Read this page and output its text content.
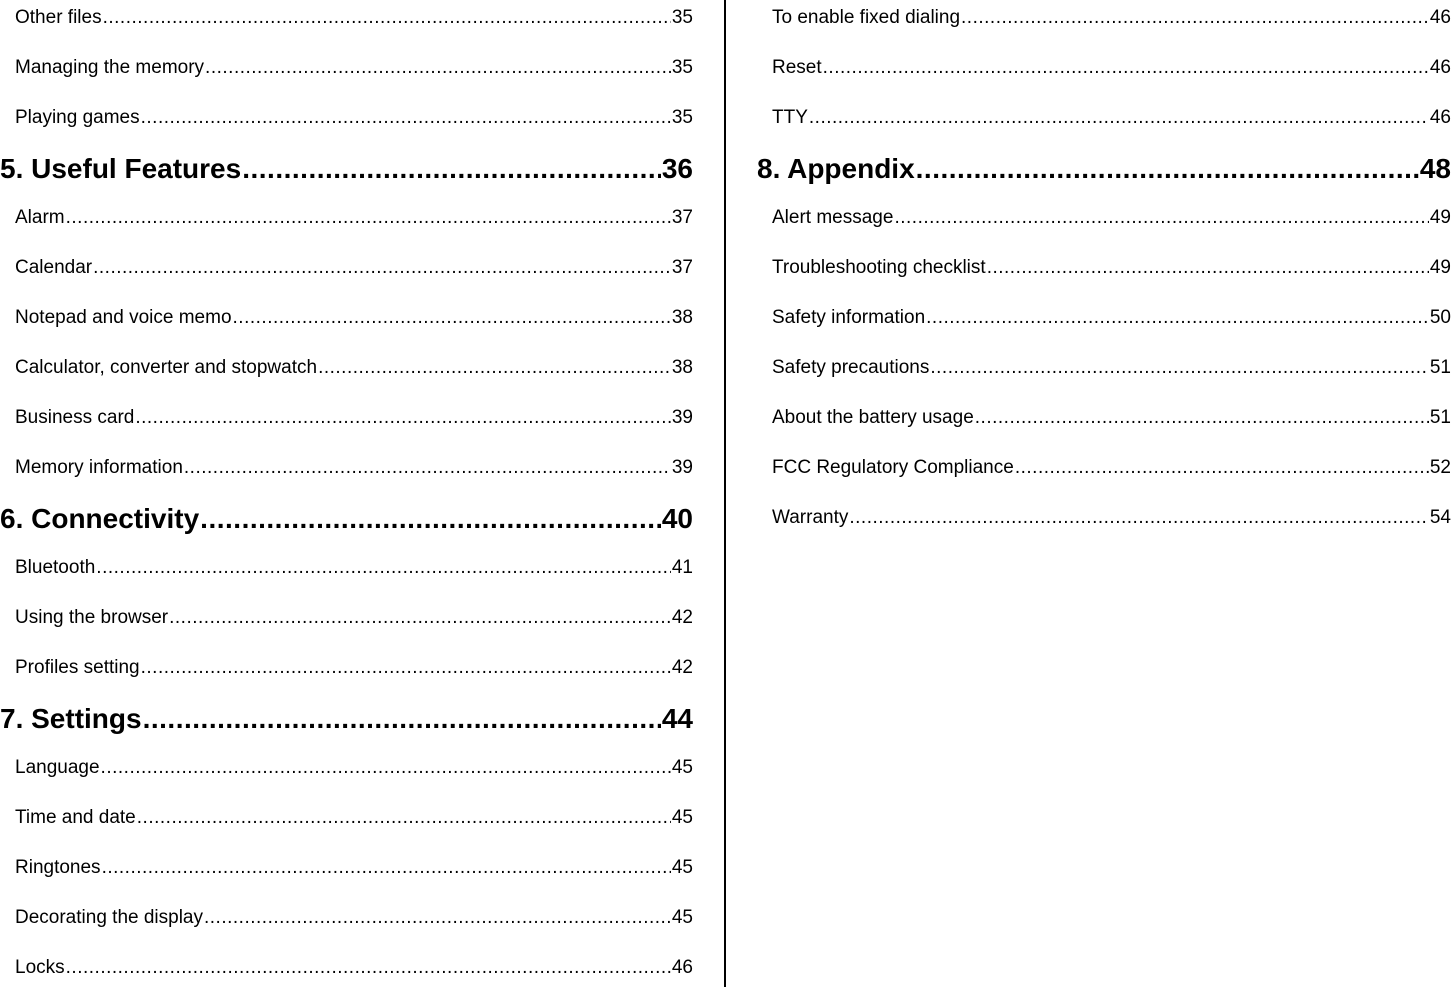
Other files .....	35
Managing the memory .....	35
Playing games .....	35
5. Useful Features .....	36
Alarm .....	37
Calendar .....	37
Notepad and voice memo .....	38
Calculator, converter and stopwatch .....	38
Business card .....	39
Memory information .....	39
6. Connectivity .....	40
Bluetooth .....	41
Using the browser .....	42
Profiles setting .....	42
7. Settings .....	44
Language .....	45
Time and date .....	45
Ringtones .....	45
Decorating the display .....	45
Locks .....	46
To enable fixed dialing .....	46
Reset .....	46
TTY .....	46
8. Appendix .....	48
Alert message .....	49
Troubleshooting checklist .....	49
Safety information .....	50
Safety precautions .....	51
About the battery usage .....	51
FCC Regulatory Compliance .....	52
Warranty .....	54
